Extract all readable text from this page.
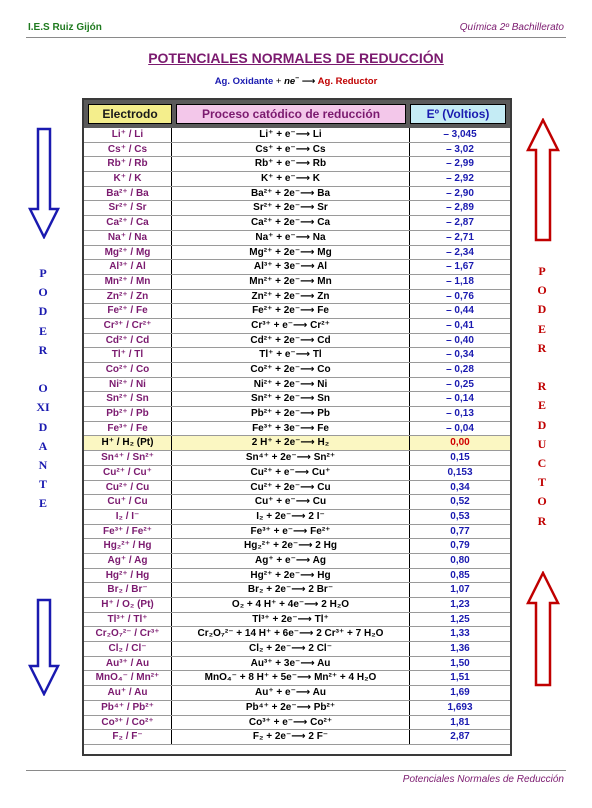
I.E.S Ruiz Gijón	Química 2º Bachillerato
POTENCIALES NORMALES DE REDUCCIÓN
Ag. Oxidante + ne– ⟶ Ag. Reductor
PODER

OXIDANTE
PODER

REDUCTOR
Electrodo	Proceso catódico de reducción	Eº (Voltios)
Li⁺ / Li	Li⁺ + e⁻⟶ Li	– 3,045
Cs⁺ / Cs	Cs⁺ + e⁻⟶ Cs	– 3,02
Rb⁺ / Rb	Rb⁺ + e⁻⟶ Rb	– 2,99
K⁺ / K	K⁺ + e⁻⟶ K	– 2,92
Ba²⁺ / Ba	Ba²⁺ + 2e⁻⟶ Ba	– 2,90
Sr²⁺ / Sr	Sr²⁺ + 2e⁻⟶ Sr	– 2,89
Ca²⁺ / Ca	Ca²⁺ + 2e⁻⟶ Ca	– 2,87
Na⁺ / Na	Na⁺ + e⁻⟶ Na	– 2,71
Mg²⁺ / Mg	Mg²⁺ + 2e⁻⟶ Mg	– 2,34
Al³⁺ / Al	Al³⁺ + 3e⁻⟶ Al	– 1,67
Mn²⁺ / Mn	Mn²⁺ + 2e⁻⟶ Mn	– 1,18
Zn²⁺ / Zn	Zn²⁺ + 2e⁻⟶ Zn	– 0,76
Fe²⁺ / Fe	Fe²⁺ + 2e⁻⟶ Fe	– 0,44
Cr³⁺ / Cr²⁺	Cr³⁺ + e⁻⟶ Cr²⁺	– 0,41
Cd²⁺ / Cd	Cd²⁺ + 2e⁻⟶ Cd	– 0,40
Tl⁺ / Tl	Tl⁺ + e⁻⟶ Tl	– 0,34
Co²⁺ / Co	Co²⁺ + 2e⁻⟶ Co	– 0,28
Ni²⁺ / Ni	Ni²⁺ + 2e⁻⟶ Ni	– 0,25
Sn²⁺ / Sn	Sn²⁺ + 2e⁻⟶ Sn	– 0,14
Pb²⁺ / Pb	Pb²⁺ + 2e⁻⟶ Pb	– 0,13
Fe³⁺ / Fe	Fe³⁺ + 3e⁻⟶ Fe	– 0,04
H⁺ / H₂ (Pt)	2 H⁺ + 2e⁻⟶ H₂	0,00
Sn⁴⁺ / Sn²⁺	Sn⁴⁺ + 2e⁻⟶ Sn²⁺	0,15
Cu²⁺ / Cu⁺	Cu²⁺ + e⁻⟶ Cu⁺	0,153
Cu²⁺ / Cu	Cu²⁺ + 2e⁻⟶ Cu	0,34
Cu⁺ / Cu	Cu⁺ + e⁻⟶ Cu	0,52
I₂ / I⁻	I₂ + 2e⁻⟶ 2 I⁻	0,53
Fe³⁺ / Fe²⁺	Fe³⁺ + e⁻⟶ Fe²⁺	0,77
Hg₂²⁺ / Hg	Hg₂²⁺ + 2e⁻⟶ 2 Hg	0,79
Ag⁺ / Ag	Ag⁺ + e⁻⟶ Ag	0,80
Hg²⁺ / Hg	Hg²⁺ + 2e⁻⟶ Hg	0,85
Br₂ / Br⁻	Br₂ + 2e⁻⟶ 2 Br⁻	1,07
H⁺ / O₂ (Pt)	O₂ + 4 H⁺ + 4e⁻⟶ 2 H₂O	1,23
Tl³⁺ / Tl⁺	Tl³⁺ + 2e⁻⟶ Tl⁺	1,25
Cr₂O₇²⁻ / Cr³⁺	Cr₂O₇²⁻ + 14 H⁺ + 6e⁻⟶ 2 Cr³⁺ + 7 H₂O	1,33
Cl₂ / Cl⁻	Cl₂ + 2e⁻⟶ 2 Cl⁻	1,36
Au³⁺ / Au	Au³⁺ + 3e⁻⟶ Au	1,50
MnO₄⁻ / Mn²⁺	MnO₄⁻ + 8 H⁺ + 5e⁻⟶ Mn²⁺ + 4 H₂O	1,51
Au⁺ / Au	Au⁺ + e⁻⟶ Au	1,69
Pb⁴⁺ / Pb²⁺	Pb⁴⁺ + 2e⁻⟶ Pb²⁺	1,693
Co³⁺ / Co²⁺	Co³⁺ + e⁻⟶ Co²⁺	1,81
F₂ / F⁻	F₂ + 2e⁻⟶ 2 F⁻	2,87
Potenciales Normales de Reducción
